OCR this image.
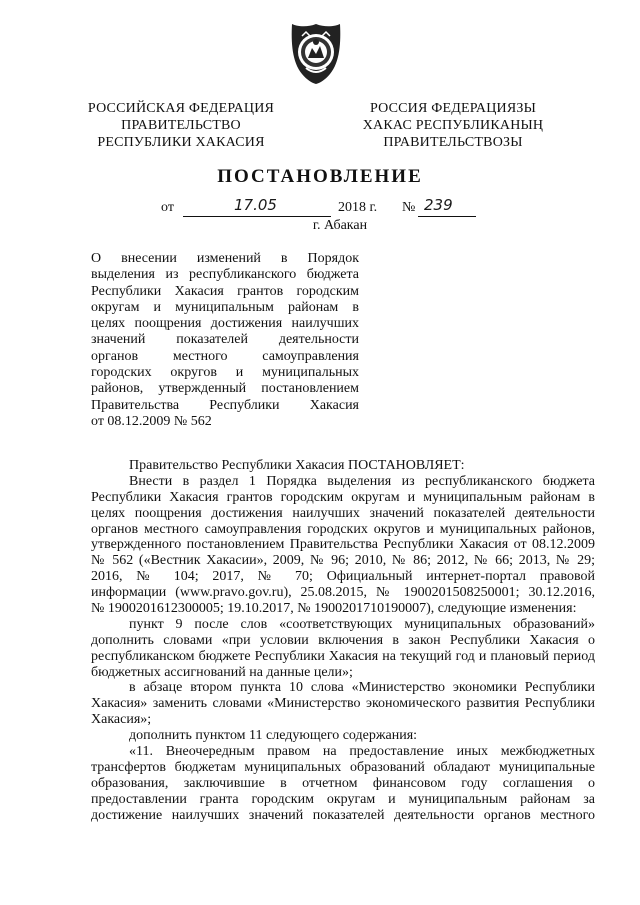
РОССИЙСКАЯ ФЕДЕРАЦИЯ
ПРАВИТЕЛЬСТВО
РЕСПУБЛИКИ ХАКАСИЯ
РОССИЯ ФЕДЕРАЦИЯЗЫ
ХАКАС РЕСПУБЛИКАНЫҢ
ПРАВИТЕЛЬСТВОЗЫ
ПОСТАНОВЛЕНИЕ
от	17.05	2018 г. № 239
г. Абакан
О внесении изменений в Порядок
выделения из республиканского бюджета
Республики Хакасия грантов городским
округам и муниципальным районам в
целях поощрения достижения наилучших
значений показателей деятельности
органов местного самоуправления
городских округов и муниципальных
районов, утвержденный постановлением
Правительства Республики Хакасия
от 08.12.2009 № 562
Правительство Республики Хакасия ПОСТАНОВЛЯЕТ:
Внести в раздел 1 Порядка выделения из республиканского бюджета
Республики Хакасия грантов городским округам и муниципальным районам в
целях поощрения достижения наилучших значений показателей деятельности
органов местного самоуправления городских округов и муниципальных районов,
утвержденного постановлением Правительства Республики Хакасия от 08.12.2009
№ 562 («Вестник Хакасии», 2009, № 96; 2010, № 86; 2012, № 66; 2013, № 29;
2016, № 104; 2017, № 70; Официальный интернет-портал правовой
информации (www.pravo.gov.ru), 25.08.2015, № 1900201508250001; 30.12.2016,
№ 1900201612300005; 19.10.2017, № 1900201710190007), следующие изменения:
пункт 9 после слов «соответствующих муниципальных образований»
дополнить словами «при условии включения в закон Республики Хакасия о
республиканском бюджете Республики Хакасия на текущий год и плановый период
бюджетных ассигнований на данные цели»;
в абзаце втором пункта 10 слова «Министерство экономики Республики
Хакасия» заменить словами «Министерство экономического развития Республики
Хакасия»;
дополнить пунктом 11 следующего содержания:
«11. Внеочередным правом на предоставление иных межбюджетных
трансфертов бюджетам муниципальных образований обладают муниципальные
образования, заключившие в отчетном финансовом году соглашения о
предоставлении гранта городским округам и муниципальным районам за
достижение наилучших значений показателей деятельности органов местного
